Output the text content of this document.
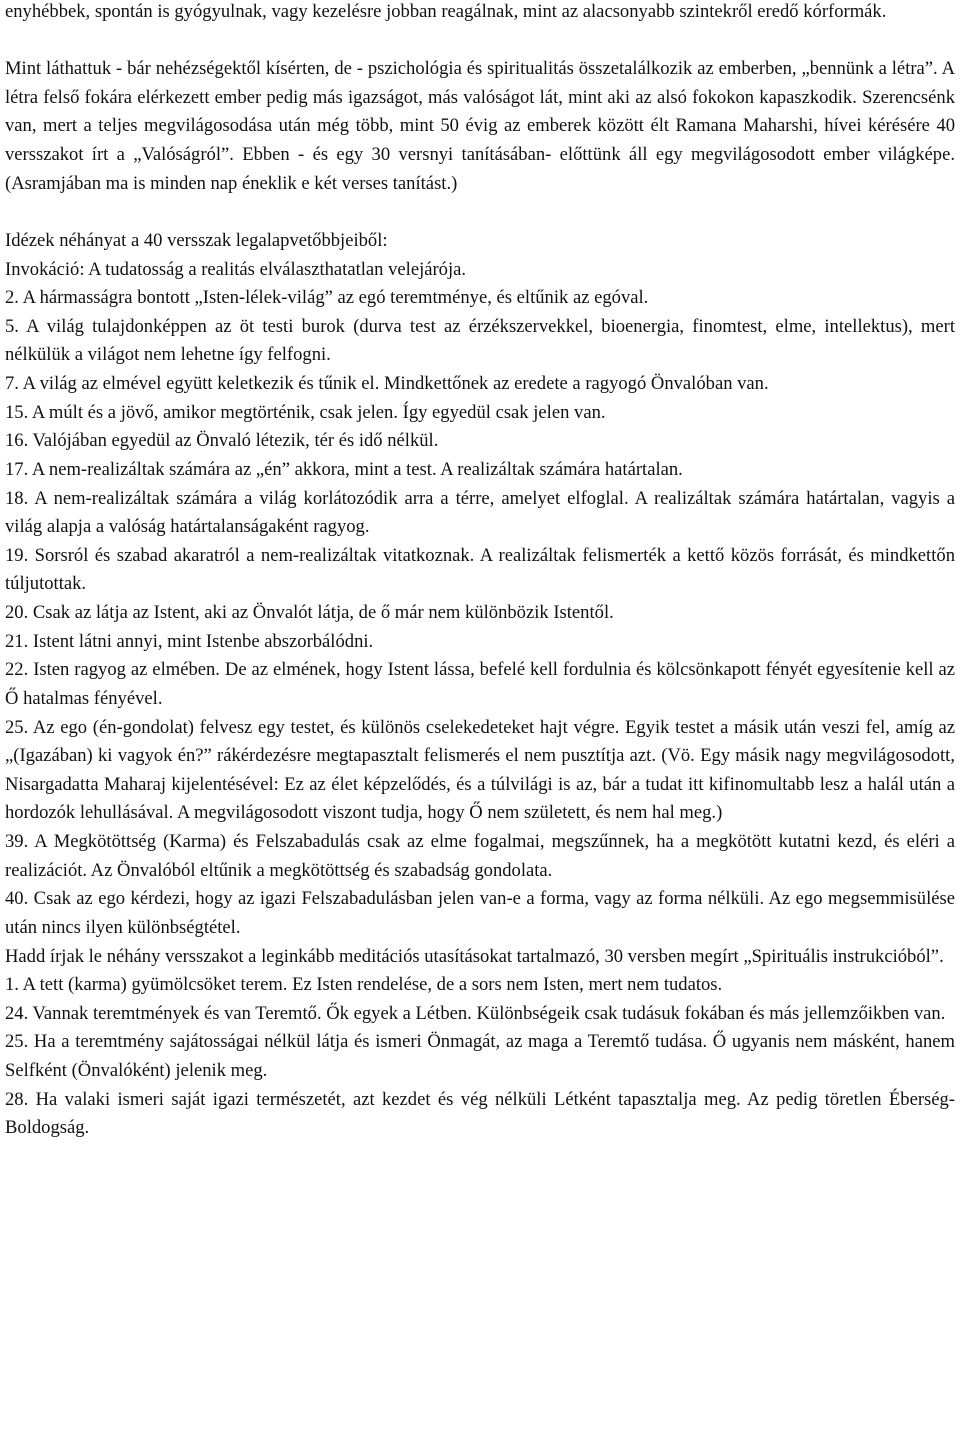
enyhébbek, spontán is gyógyulnak, vagy kezelésre jobban reagálnak, mint az alacsonyabb szintekről eredő kórformák.

Mint láthattuk - bár nehézségektől kísérten, de - pszichológia és spiritualitás összetalálkozik az emberben, „bennünk a létra”. A létra felső fokára elérkezett ember pedig más igazságot, más valóságot lát, mint aki az alsó fokokon kapaszkodik. Szerencsénk van, mert a teljes megvilágosodása után még több, mint 50 évig az emberek között élt Ramana Maharshi, hívei kérésére 40 versszakot írt a „Valóságról”. Ebben - és egy 30 versnyi tanításában- előttünk áll egy megvilágosodott ember világképe. (Asramjában ma is minden nap éneklik e két verses tanítást.)

Idézek néhányat a 40 versszak legalapvetőbbjeiből:

Invokáció: A tudatosság a realitás elválaszthatatlan velejárója.

2. A hármasságra bontott „Isten-lélek-világ” az egó teremtménye, és eltűnik az egóval.

5. A világ tulajdonképpen az öt testi burok (durva test az érzékszervekkel, bioenergia, finomtest, elme, intellektus), mert nélkülük a világot nem lehetne így felfogni.

7. A világ az elmével együtt keletkezik és tűnik el. Mindkettőnek az eredete a ragyogó Önvalóban van.

15. A múlt és a jövő, amikor megtörténik, csak jelen. Így egyedül csak jelen van.

16. Valójában egyedül az Önvaló létezik, tér és idő nélkül.

17. A nem-realizáltak számára az „én” akkora, mint a test. A realizáltak számára határtalan.

18. A nem-realizáltak számára a világ korlátozódik arra a térre, amelyet elfoglal. A realizáltak számára határtalan, vagyis a világ alapja a valóság határtalanságaként ragyog.

19. Sorsról és szabad akaratról a nem-realizáltak vitatkoznak. A realizáltak felismerték a kettő közös forrását, és mindkettőn túljutottak.

20. Csak az látja az Istent, aki az Önvalót látja, de ő már nem különbözik Istentől.

21. Istent látni annyi, mint Istenbe abszorbálódni.

22. Isten ragyog az elmében. De az elmének, hogy Istent lássa, befelé kell fordulnia és kölcsönkapott fényét egyesítenie kell az Ő hatalmas fényével.

25. Az ego (én-gondolat) felvesz egy testet, és különös cselekedeteket hajt végre. Egyik testet a másik után veszi fel, amíg az „(Igazában) ki vagyok én?” rákérdezésre megtapasztalt felismerés el nem pusztítja azt. (Vö. Egy másik nagy megvilágosodott, Nisargadatta Maharaj kijelentésével: Ez az élet képzelődés, és a túlvilági is az, bár a tudat itt kifinomultabb lesz a halál után a hordozók lehullásával. A megvilágosodott viszont tudja, hogy Ő nem született, és nem hal meg.)

39. A Megkötöttség (Karma) és Felszabadulás csak az elme fogalmai, megszűnnek, ha a megkötött kutatni kezd, és eléri a realizációt. Az Önvalóból eltűnik a megkötöttség és szabadság gondolata.

40. Csak az ego kérdezi, hogy az igazi Felszabadulásban jelen van-e a forma, vagy az forma nélküli. Az ego megsemmisülése után nincs ilyen különbségtétel.

Hadd írjak le néhány versszakot a leginkább meditációs utasításokat tartalmazó, 30 versben megírt „Spirituális instrukcióból”.

1. A tett (karma) gyümölcsöket terem. Ez Isten rendelése, de a sors nem Isten, mert nem tudatos.

24. Vannak teremtmények és van Teremtő. Ők egyek a Létben. Különbségeik csak tudásuk fokában és más jellemzőikben van.

25. Ha a teremtmény sajátosságai nélkül látja és ismeri Önmagát, az maga a Teremtő tudása. Ő ugyanis nem másként, hanem Selfként (Önvalóként) jelenik meg.

28. Ha valaki ismeri saját igazi természetét, azt kezdet és vég nélküli Létként tapasztalja meg. Az pedig töretlen Éberség-Boldogság.
